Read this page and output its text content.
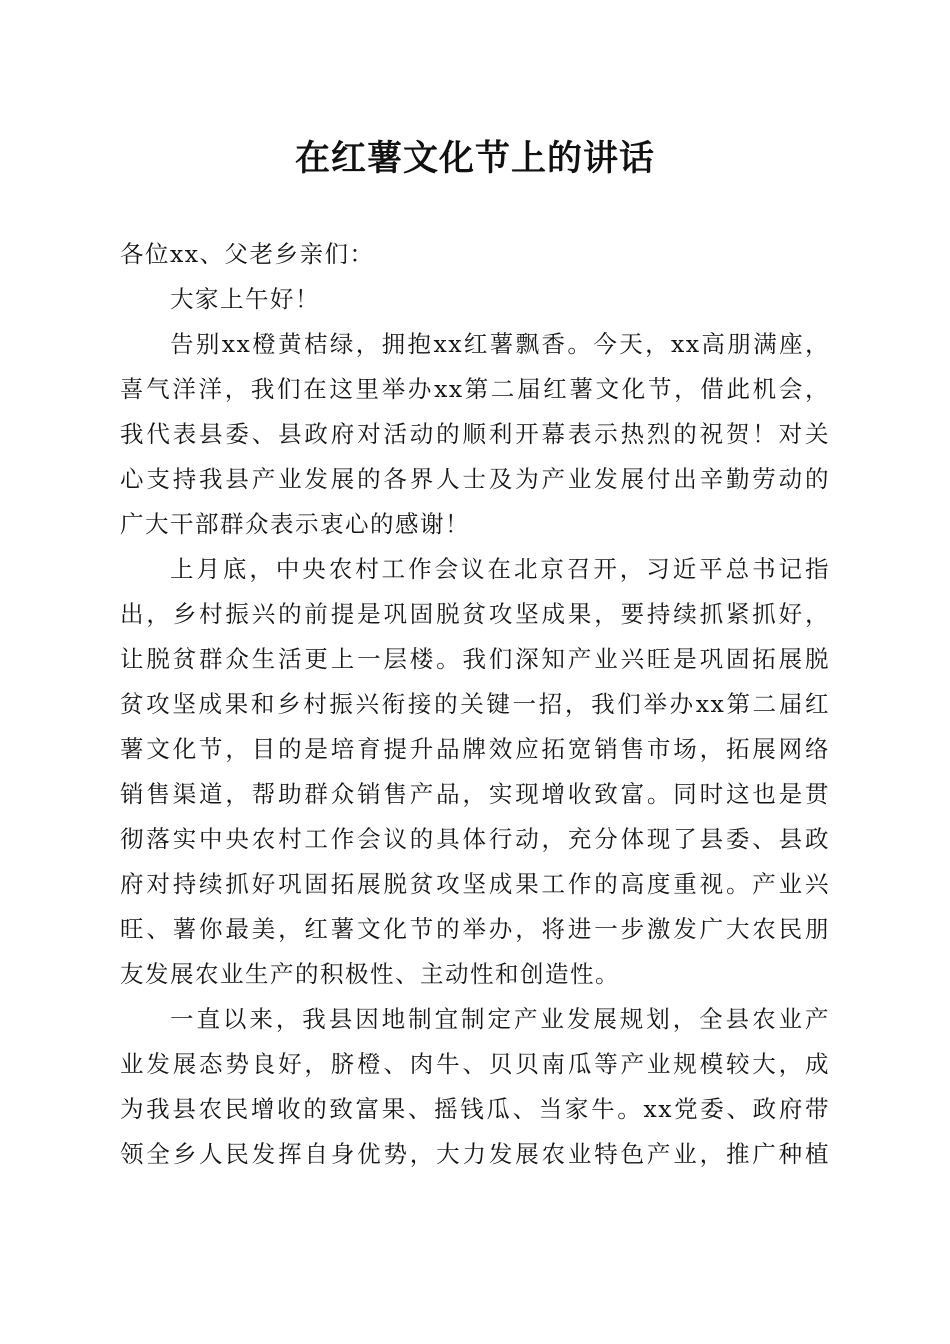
在红薯文化节上的讲话
各位xx、父老乡亲们：
大家上午好！
告别xx橙黄桔绿，拥抱xx红薯飘香。今天，xx高朋满座，
喜气洋洋，我们在这里举办xx第二届红薯文化节，借此机会，
我代表县委、县政府对活动的顺利开幕表示热烈的祝贺！对关
心支持我县产业发展的各界人士及为产业发展付出辛勤劳动的
广大干部群众表示衷心的感谢！
上月底，中央农村工作会议在北京召开，习近平总书记指
出，乡村振兴的前提是巩固脱贫攻坚成果，要持续抓紧抓好，
让脱贫群众生活更上一层楼。我们深知产业兴旺是巩固拓展脱
贫攻坚成果和乡村振兴衔接的关键一招，我们举办xx第二届红
薯文化节，目的是培育提升品牌效应拓宽销售市场，拓展网络
销售渠道，帮助群众销售产品，实现增收致富。同时这也是贯
彻落实中央农村工作会议的具体行动，充分体现了县委、县政
府对持续抓好巩固拓展脱贫攻坚成果工作的高度重视。产业兴
旺、薯你最美，红薯文化节的举办，将进一步激发广大农民朋
友发展农业生产的积极性、主动性和创造性。
一直以来，我县因地制宜制定产业发展规划，全县农业产
业发展态势良好，脐橙、肉牛、贝贝南瓜等产业规模较大，成
为我县农民增收的致富果、摇钱瓜、当家牛。xx党委、政府带
领全乡人民发挥自身优势，大力发展农业特色产业，推广种植
